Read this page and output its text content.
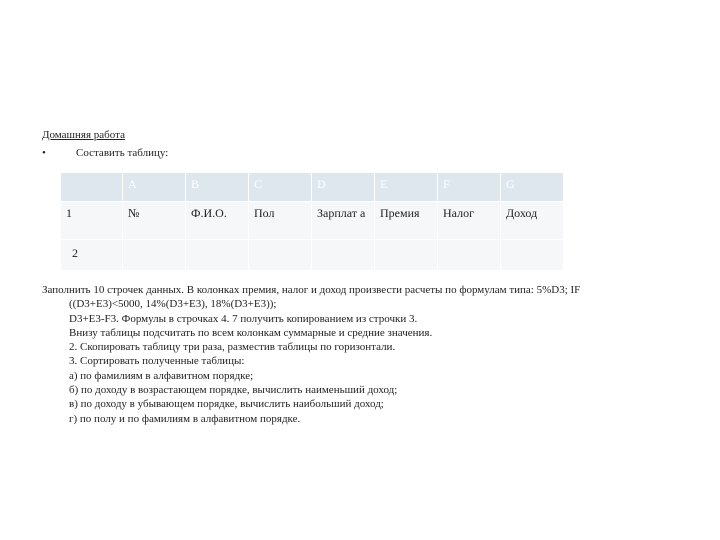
Домашняя работа
•	Составить таблицу:
	A	B	C	D	E	F	G
1	№	Ф.И.О.	Пол	Зарплат а	Премия	Налог	Доход
2							

Заполнить 10 строчек данных. В колонках премия, налог и доход произвести расчеты по формулам типа: 5%D3; IF

((D3+E3)<5000, 14%(D3+E3), 18%(D3+E3));

D3+E3-F3. Формулы в строчках 4. 7 получить копированием из строчки 3.

Внизу таблицы подсчитать по всем колонкам суммарные и средние значения.

2. Скопировать таблицу три раза, разместив таблицы по горизонтали.

3. Сортировать полученные таблицы:

а) по фамилиям в алфавитном порядке;

б) по доходу в возрастающем порядке, вычислить наименьший доход;

в) по доходу в убывающем порядке, вычислить наибольший доход;

г) по полу и по фамилиям в алфавитном порядке.
